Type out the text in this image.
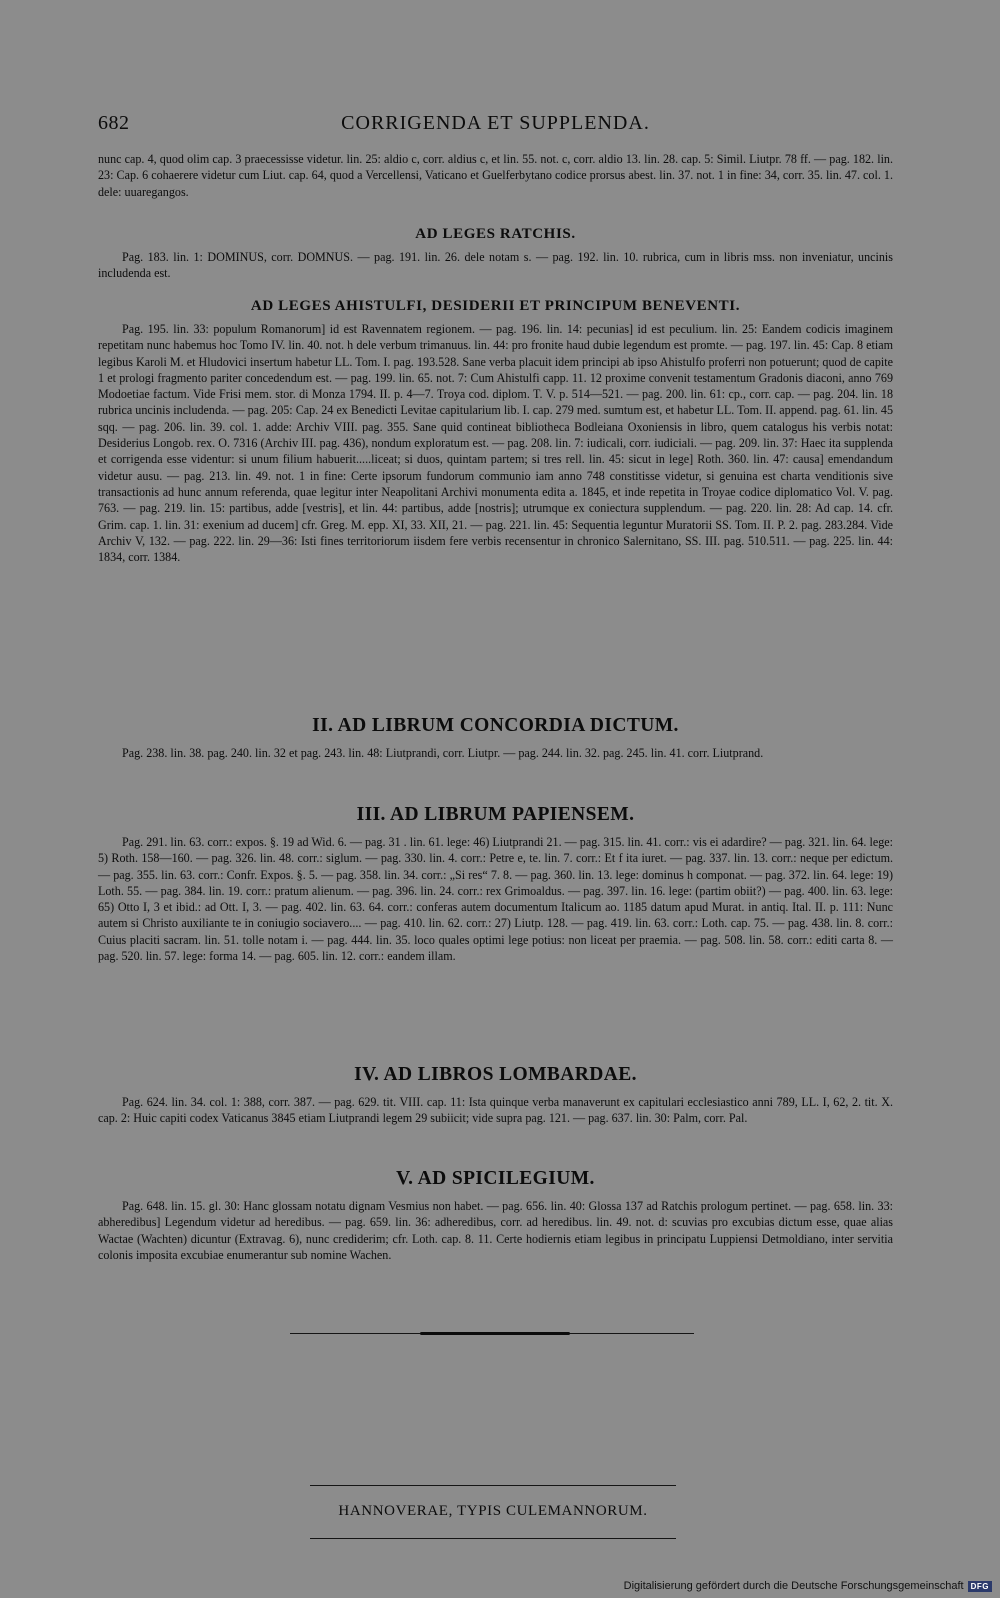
682	CORRIGENDA ET SUPPLENDA.

nunc cap. 4, quod olim cap. 3 praecessisse videtur. lin. 25: aldio c, corr. aldius c, et lin. 55. not. c, corr. aldio 13. lin. 28. cap. 5: Simil. Liutpr. 78 ff. — pag. 182. lin. 23: Cap. 6 cohaerere videtur cum Liut. cap. 64, quod a Vercellensi, Vaticano et Guelferbytano codice prorsus abest. lin. 37. not. 1 in fine: 34, corr. 35. lin. 47. col. 1. dele: uuaregangos.

AD LEGES RATCHIS.

Pag. 183. lin. 1: DOMINUS, corr. DOMNUS. — pag. 191. lin. 26. dele notam s. — pag. 192. lin. 10. rubrica, cum in libris mss. non inveniatur, uncinis includenda est.

AD LEGES AHISTULFI, DESIDERII ET PRINCIPUM BENEVENTI.

Pag. 195. lin. 33: populum Romanorum] id est Ravennatem regionem. — pag. 196. lin. 14: pecunias] id est peculium. lin. 25: Eandem codicis imaginem repetitam nunc habemus hoc Tomo IV. lin. 40. not. h dele verbum trimanuus. lin. 44: pro fronite haud dubie legendum est promte. — pag. 197. lin. 45: Cap. 8 etiam legibus Karoli M. et Hludovici insertum habetur LL. Tom. I. pag. 193.528. Sane verba placuit idem principi ab ipso Ahistulfo proferri non potuerunt; quod de capite 1 et prologi fragmento pariter concedendum est. — pag. 199. lin. 65. not. 7: Cum Ahistulfi capp. 11. 12 proxime convenit testamentum Gradonis diaconi, anno 769 Modoetiae factum. Vide Frisi mem. stor. di Monza 1794. II. p. 4—7. Troya cod. diplom. T. V. p. 514—521. — pag. 200. lin. 61: cp., corr. cap. — pag. 204. lin. 18 rubrica uncinis includenda. — pag. 205: Cap. 24 ex Benedicti Levitae capitularium lib. I. cap. 279 med. sumtum est, et habetur LL. Tom. II. append. pag. 61. lin. 45 sqq. — pag. 206. lin. 39. col. 1. adde: Archiv VIII. pag. 355. Sane quid contineat bibliotheca Bodleiana Oxoniensis in libro, quem catalogus his verbis notat: Desiderius Longob. rex. O. 7316 (Archiv III. pag. 436), nondum exploratum est. — pag. 208. lin. 7: iudicali, corr. iudiciali. — pag. 209. lin. 37: Haec ita supplenda et corrigenda esse videntur: si unum filium habuerit.....liceat; si duos, quintam partem; si tres rell. lin. 45: sicut in lege] Roth. 360. lin. 47: causa] emendandum videtur ausu. — pag. 213. lin. 49. not. 1 in fine: Certe ipsorum fundorum communio iam anno 748 constitisse videtur, si genuina est charta venditionis sive transactionis ad hunc annum referenda, quae legitur inter Neapolitani Archivi monumenta edita a. 1845, et inde repetita in Troyae codice diplomatico Vol. V. pag. 763. — pag. 219. lin. 15: partibus, adde [vestris], et lin. 44: partibus, adde [nostris]; utrumque ex coniectura supplendum. — pag. 220. lin. 28: Ad cap. 14. cfr. Grim. cap. 1. lin. 31: exenium ad ducem] cfr. Greg. M. epp. XI, 33. XII, 21. — pag. 221. lin. 45: Sequentia leguntur Muratorii SS. Tom. II. P. 2. pag. 283.284. Vide Archiv V, 132. — pag. 222. lin. 29—36: Isti fines territoriorum iisdem fere verbis recensentur in chronico Salernitano, SS. III. pag. 510.511. — pag. 225. lin. 44: 1834, corr. 1384.

II. AD LIBRUM CONCORDIA DICTUM.

Pag. 238. lin. 38. pag. 240. lin. 32 et pag. 243. lin. 48: Liutprandi, corr. Liutpr. — pag. 244. lin. 32. pag. 245. lin. 41. corr. Liutprand.

III. AD LIBRUM PAPIENSEM.

Pag. 291. lin. 63. corr.: expos. §. 19 ad Wid. 6. — pag. 31 . lin. 61. lege: 46) Liutprandi 21. — pag. 315. lin. 41. corr.: vis ei adardire? — pag. 321. lin. 64. lege: 5) Roth. 158—160. — pag. 326. lin. 48. corr.: siglum. — pag. 330. lin. 4. corr.: Petre e, te. lin. 7. corr.: Et f ita iuret. — pag. 337. lin. 13. corr.: neque per edictum. — pag. 355. lin. 63. corr.: Confr. Expos. §. 5. — pag. 358. lin. 34. corr.: „Si res“ 7. 8. — pag. 360. lin. 13. lege: dominus h componat. — pag. 372. lin. 64. lege: 19) Loth. 55. — pag. 384. lin. 19. corr.: pratum alienum. — pag. 396. lin. 24. corr.: rex Grimoaldus. — pag. 397. lin. 16. lege: (partim obiit?) — pag. 400. lin. 63. lege: 65) Otto I, 3 et ibid.: ad Ott. I, 3. — pag. 402. lin. 63. 64. corr.: conferas autem documentum Italicum ao. 1185 datum apud Murat. in antiq. Ital. II. p. 111: Nunc autem si Christo auxiliante te in coniugio sociavero.... — pag. 410. lin. 62. corr.: 27) Liutp. 128. — pag. 419. lin. 63. corr.: Loth. cap. 75. — pag. 438. lin. 8. corr.: Cuius placiti sacram. lin. 51. tolle notam i. — pag. 444. lin. 35. loco quales optimi lege potius: non liceat per praemia. — pag. 508. lin. 58. corr.: editi carta 8. — pag. 520. lin. 57. lege: forma 14. — pag. 605. lin. 12. corr.: eandem illam.

IV. AD LIBROS LOMBARDAE.

Pag. 624. lin. 34. col. 1: 388, corr. 387. — pag. 629. tit. VIII. cap. 11: Ista quinque verba manaverunt ex capitulari ecclesiastico anni 789, LL. I, 62, 2. tit. X. cap. 2: Huic capiti codex Vaticanus 3845 etiam Liutprandi legem 29 subiicit; vide supra pag. 121. — pag. 637. lin. 30: Palm, corr. Pal.

V. AD SPICILEGIUM.

Pag. 648. lin. 15. gl. 30: Hanc glossam notatu dignam Vesmius non habet. — pag. 656. lin. 40: Glossa 137 ad Ratchis prologum pertinet. — pag. 658. lin. 33: abheredibus] Legendum videtur ad heredibus. — pag. 659. lin. 36: adheredibus, corr. ad heredibus. lin. 49. not. d: scuvias pro excubias dictum esse, quae alias Wactae (Wachten) dicuntur (Extravag. 6), nunc crediderim; cfr. Loth. cap. 8. 11. Certe hodiernis etiam legibus in principatu Luppiensi Detmoldiano, inter servitia colonis imposita excubiae enumerantur sub nomine Wachen.

HANNOVERAE, TYPIS CULEMANNORUM.
Digitalisierung gefördert durch die Deutsche Forschungsgemeinschaft DFG
